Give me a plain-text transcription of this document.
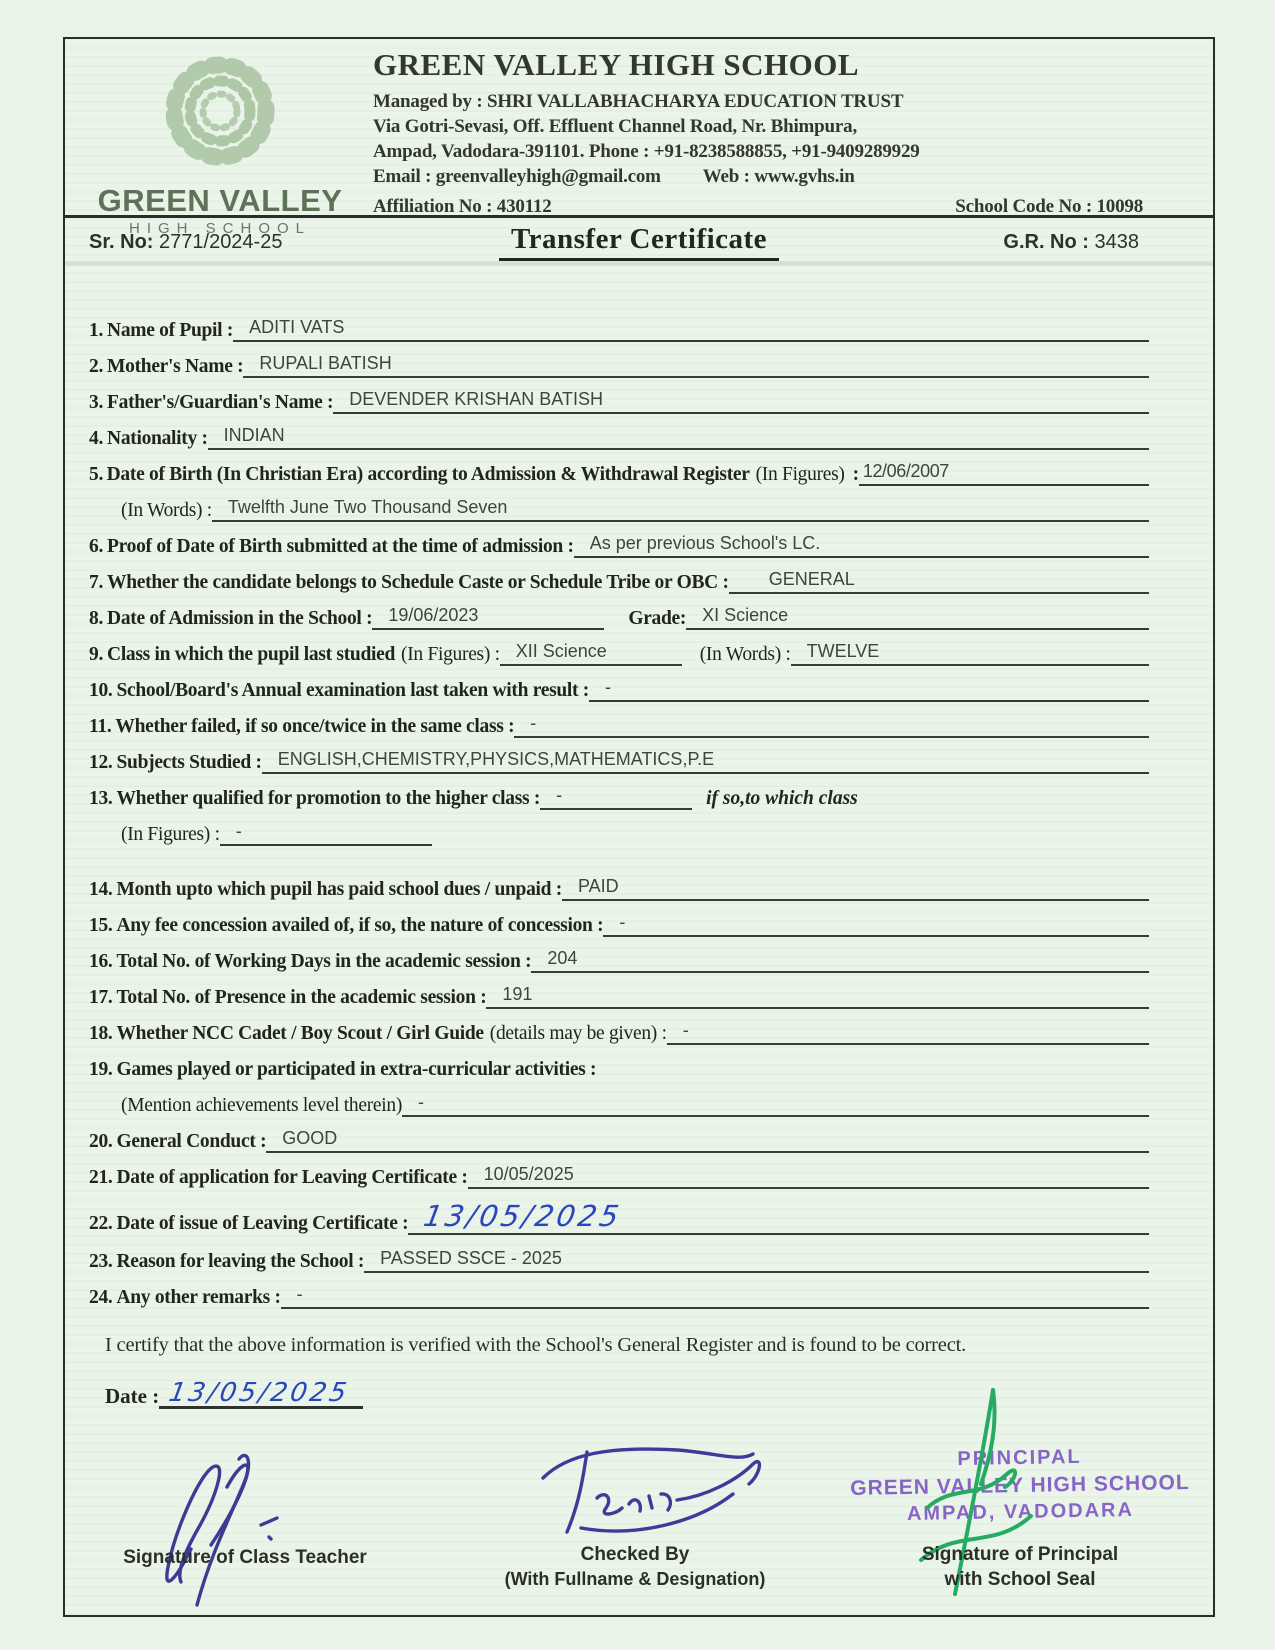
GREEN VALLEY
HIGH SCHOOL
GREEN VALLEY HIGH SCHOOL
Managed by : SHRI VALLABHACHARYA EDUCATION TRUST
Via Gotri-Sevasi, Off. Effluent Channel Road, Nr. Bhimpura,
Ampad, Vadodara-391101. Phone : +91-8238588855, +91-9409289929
Email : greenvalleyhigh@gmail.com Web : www.gvhs.in
Affiliation No : 430112	School Code No : 10098
Transfer Certificate
Sr. No: 2771/2024-25	G.R. No : 3438
1.
Name of Pupil : ADITI VATS
2.
Mother's Name : RUPALI BATISH
3.
Father's/Guardian's Name : DEVENDER KRISHAN BATISH
4.
Nationality : INDIAN
5.
Date of Birth (In Christian Era) according to Admission & Withdrawal Register (In Figures) : 12/06/2007
(In Words) : Twelfth June Two Thousand Seven
6.
Proof of Date of Birth submitted at the time of admission : As per previous School's LC.
7.
Whether the candidate belongs to Schedule Caste or Schedule Tribe or OBC :	GENERAL
8.
Date of Admission in the School : 19/06/2023	Grade: XI Science
9.
Class in which the pupil last studied (In Figures) : XII Science	(In Words) : TWELVE
10.
School/Board's Annual examination last taken with result : -
11.
Whether failed, if so once/twice in the same class : -
12.
Subjects Studied : ENGLISH,CHEMISTRY,PHYSICS,MATHEMATICS,P.E
13.
Whether qualified for promotion to the higher class : -	if so,to which class
(In Figures) : -
14.
Month upto which pupil has paid school dues / unpaid : PAID
15.
Any fee concession availed of, if so, the nature of concession : -
16.
Total No. of Working Days in the academic session : 204
17.
Total No. of Presence in the academic session : 191
18.
Whether NCC Cadet / Boy Scout / Girl Guide (details may be given) : -
19.
Games played or participated in extra-curricular activities :
(Mention achievements level therein) -
20.
General Conduct : GOOD
21.
Date of application for Leaving Certificate : 10/05/2025
22.
Date of issue of Leaving Certificate : 13/05/2025
23.
Reason for leaving the School : PASSED SSCE - 2025
24.
Any other remarks : -
I certify that the above information is verified with the School's General Register and is found to be correct.
Date : 13/05/2025
Signature of Class Teacher	Checked By
(With Fullname & Designation)
PRINCIPAL
GREEN VALLEY HIGH SCHOOL
AMPAD, VADODARA
Signature of Principal
with School Seal
